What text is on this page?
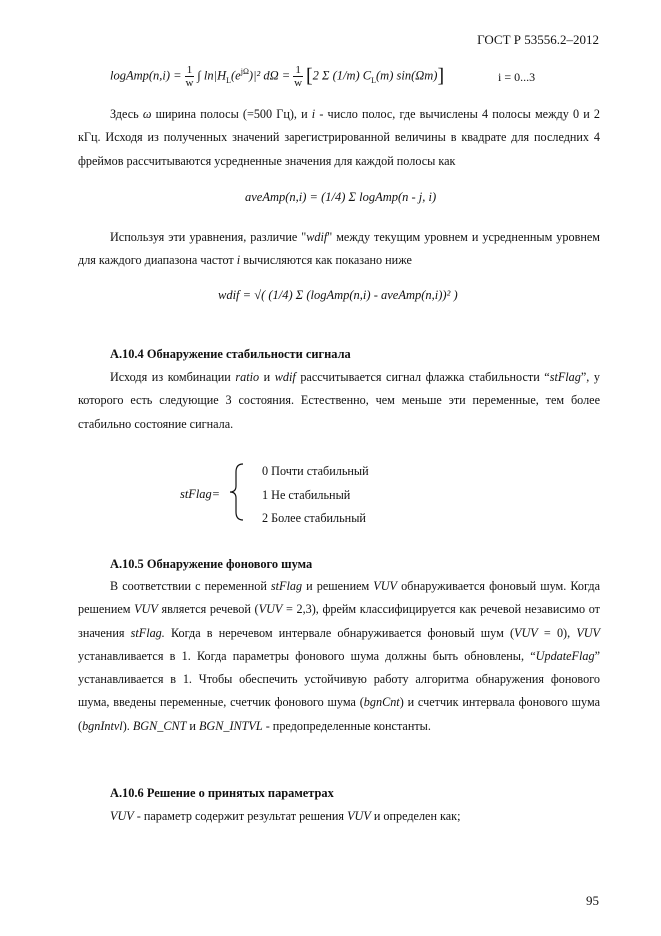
ГОСТ Р 53556.2–2012
logAmp(n,i) = $\frac{1}{w}$ ∫ $\ln|H_L(e^{j\Omega})|^2$ $d\Omega = \frac{1}{w} [2$ Σ (1/m) $C_L(m)$ sin(Ωm)]	i = 0...3

Здесь ω ширина полосы (=500 Гц), и i - число полос, где вычислены 4 полосы между 0 и 2 кГц. Исходя из полученных значений зарегистрированной величины в квадрате для последних 4 фреймов рассчитываются усредненные значения для каждой полосы как

aveAmp(n,i) = (1/4) Σ logAmp(n - j, i)

Используя эти уравнения, различие "wdif" между текущим уровнем и усредненным уровнем для каждого диапазона частот i вычисляются как показано ниже

wdif = √( (1/4) Σ (logAmp(n,i) - aveAmp(n,i))² )

А.10.4 Обнаружение стабильности сигнала

Исходя из комбинации ratio и wdif рассчитывается сигнал флажка стабильности “stFlag”, у которого есть следующие 3 состояния. Естественно, чем меньше эти переменные, тем более стабильно состояние сигнала.

stFlag=
0 Почти стабильный
1 Не стабильный
2 Более стабильный

А.10.5 Обнаружение фонового шума

В соответствии с переменной stFlag и решением VUV обнаруживается фоновый шум. Когда решением VUV является речевой (VUV = 2,3), фрейм классифицируется как речевой независимо от значения stFlag. Когда в неречевом интервале обнаруживается фоновый шум (VUV = 0), VUV устанавливается в 1. Когда параметры фонового шума должны быть обновлены, “UpdateFlag” устанавливается в 1. Чтобы обеспечить устойчивую работу алгоритма обнаружения фонового шума, введены переменные, счетчик фонового шума (bgnCnt) и счетчик интервала фонового шума (bgnIntvl). BGN_CNT и BGN_INTVL - предопределенные константы.

А.10.6 Решение о принятых параметрах

VUV - параметр содержит результат решения VUV и определен как;

95
